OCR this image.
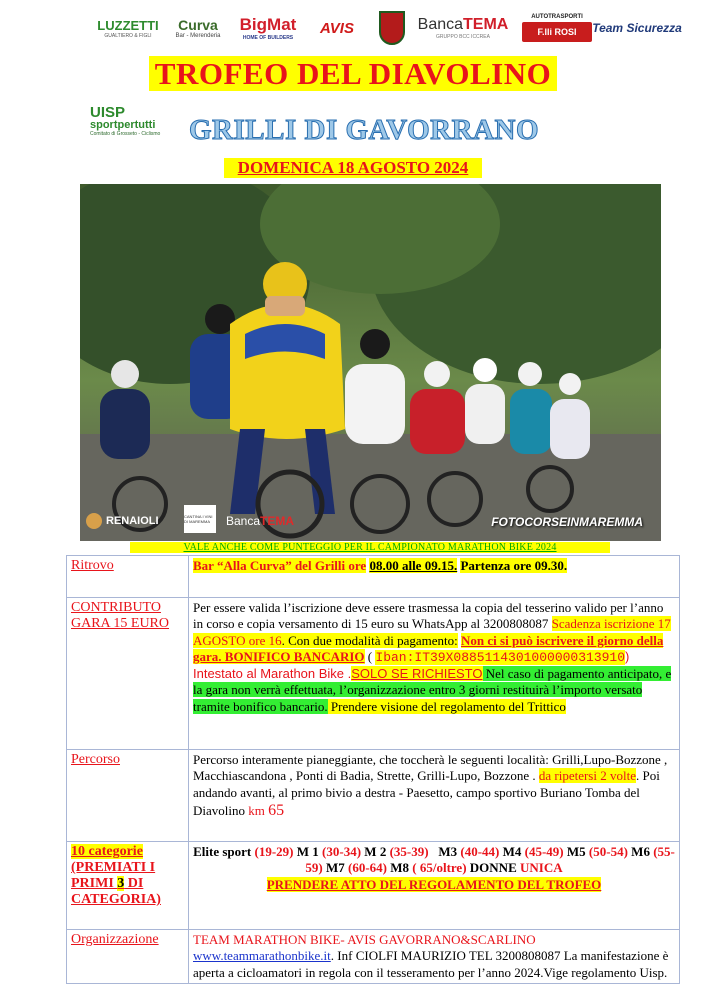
LUZZETTI
GUALTIERO & FIGLI
Curva
Bar - Merenderia
BigMat
HOME OF BUILDERS
AVIS	BancaTEMA
GRUPPO BCC ICCREA
AUTOTRASPORTI
F.lli ROSI Team Sicurezza
TROFEO DEL DIAVOLINO
UISP
sportpertutti
Comitato di Grosseto - Ciclismo GRILLI DI GAVORRANO
DOMENICA 18 AGOSTO 2024
RENAIOLI	CANTINA I VINI DI MAREMMA	Banca TEMA	FOTOCORSEINMAREMMA
VALE ANCHE COME PUNTEGGIO PER IL CAMPIONATO MARATHON BIKE 2024
Ritrovo	Bar “Alla Curva” del Grilli ore 08.00 alle 09.15. Partenza ore 09.30.
CONTRIBUTO GARA 15 EURO	Per essere valida l’iscrizione deve essere trasmessa la copia del tesserino valido per l’anno in corso e copia versamento di 15 euro su WhatsApp al 3200808087 Scadenza iscrizione 17 AGOSTO ore 16. Con due modalità di pagamento: Non ci si può iscrivere il giorno della gara. BONIFICO BANCARIO ( Iban:IT39X0885114301000000313910) Intestato al Marathon Bike .SOLO SE RICHIESTO Nel caso di pagamento anticipato, e la gara non verrà effettuata, l’organizzazione entro 3 giorni restituirà l’importo versato tramite bonifico bancario. Prendere visione del regolamento del Trittico
Percorso	Percorso interamente pianeggiante, che toccherà le seguenti località: Grilli,Lupo-Bozzone , Macchiascandona , Ponti di Badia, Strette, Grilli-Lupo, Bozzone . da ripetersi 2 volte. Poi andando avanti, al primo bivio a destra - Paesetto, campo sportivo Buriano Tomba del Diavolino km 65
10 categorie
(PREMIATI I PRIMI 3 DI CATEGORIA)	Elite sport (19-29) M 1 (30-34) M 2 (35-39) M3 (40-44) M4 (45-49) M5 (50-54) M6 (55-59) M7 (60-64) M8 ( 65/oltre) DONNE UNICA
PRENDERE ATTO DEL REGOLAMENTO DEL TROFEO
Organizzazione	TEAM MARATHON BIKE- AVIS GAVORRANO&SCARLINO www.teammarathonbike.it. Inf CIOLFI MAURIZIO TEL 3200808087 La manifestazione è aperta a cicloamatori in regola con il tesseramento per l’anno 2024.Vige regolamento Uisp.
